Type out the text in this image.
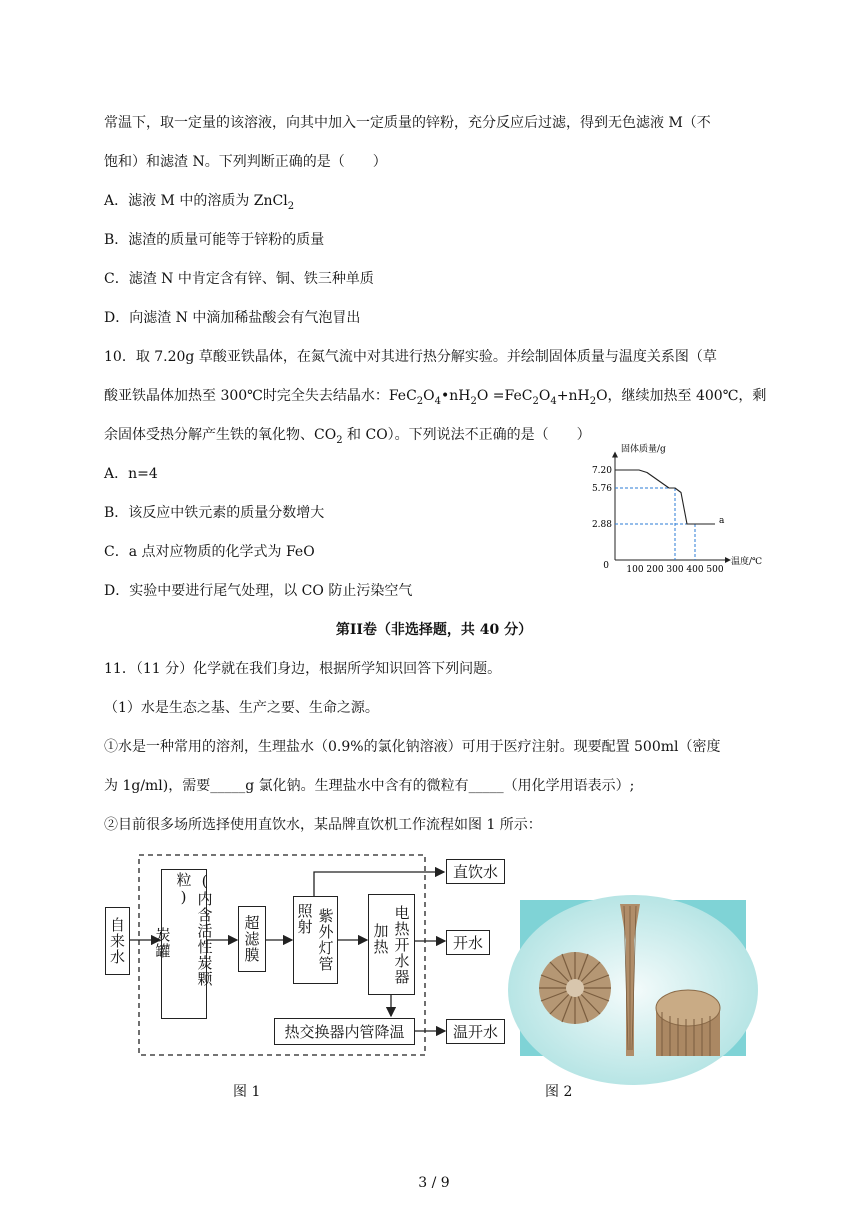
常温下，取一定量的该溶液，向其中加入一定质量的锌粉，充分反应后过滤，得到无色滤液 M（不
饱和）和滤渣 N。下列判断正确的是（　　）
A．滤液 M 中的溶质为 ZnCl$_2$
B．滤渣的质量可能等于锌粉的质量
C．滤渣 N 中肯定含有锌、铜、铁三种单质
D．向滤渣 N 中滴加稀盐酸会有气泡冒出
10．取 7.20g 草酸亚铁晶体，在氮气流中对其进行热分解实验。并绘制固体质量与温度关系图（草
酸亚铁晶体加热至 300℃时完全失去结晶水：$FeC_2O_4•nH_2O =FeC_2O_4+nH_2O$，继续加热至 400℃，剩
余固体受热分解产生铁的氧化物、$CO_2$ 和 CO）。下列说法不正确的是（　　）
A．n=4
B．该反应中铁元素的质量分数增大
C．a 点对应物质的化学式为 FeO
D．实验中要进行尾气处理，以 CO 防止污染空气
固体质量/g
温度/℃
0 100 200 300 400 500
7.20
5.76
2.88	a
第II卷（非选择题，共 40 分）
11．（11 分）化学就在我们身边，根据所学知识回答下列问题。
（1）水是生态之基、生产之要、生命之源。
①水是一种常用的溶剂，生理盐水（0.9%的氯化钠溶液）可用于医疗注射。现要配置 500ml（密度
为 1g/ml)，需要_____g 氯化钠。生理盐水中含有的微粒有_____（用化学用语表示）;
②目前很多场所选择使用直饮水，某品牌直饮机工作流程如图 1 所示：
自来水	(内含活性炭颗粒)
炭罐	超滤膜	紫外灯管
照射	电热开水器
加热
热交换器内管降温
直饮水
开水
温开水
图 1	图 2
3 / 9
